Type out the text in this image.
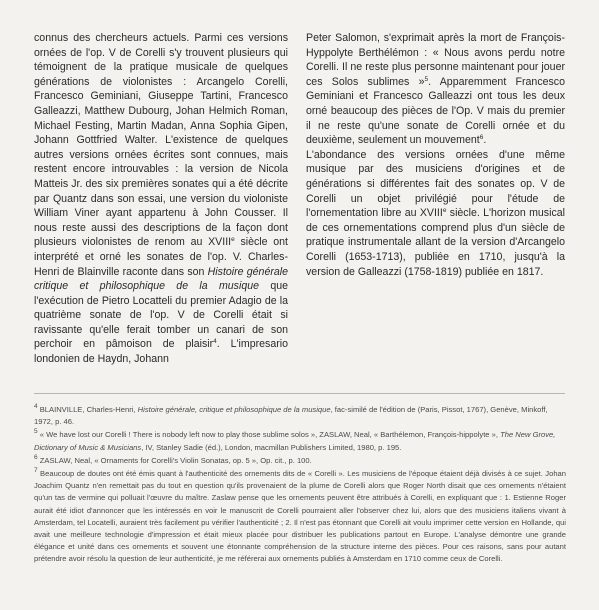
connus des chercheurs actuels. Parmi ces versions ornées de l'op. V de Corelli s'y trouvent plusieurs qui témoignent de la pratique musicale de quelques générations de violonistes : Arcangelo Corelli, Francesco Geminiani, Giuseppe Tartini, Francesco Galleazzi, Matthew Dubourg, Johan Helmich Roman, Michael Festing, Martin Madan, Anna Sophia Gipen, Johann Gottfried Walter. L'existence de quelques autres versions ornées écrites sont connues, mais restent encore introuvables : la version de Nicola Matteis Jr. des six premières sonates qui a été décrite par Quantz dans son essai, une version du violoniste William Viner ayant appartenu à John Cousser. Il nous reste aussi des descriptions de la façon dont plusieurs violonistes de renom au XVIIIe siècle ont interprété et orné les sonates de l'op. V. Charles-Henri de Blainville raconte dans son Histoire générale critique et philosophique de la musique que l'exécution de Pietro Locatteli du premier Adagio de la quatrième sonate de l'op. V de Corelli était si ravissante qu'elle ferait tomber un canari de son perchoir en pâmoison de plaisir$^4$. L'impresario londonien de Haydn, Johann

Peter Salomon, s'exprimait après la mort de François-Hyppolyte Berthélémon : « Nous avons perdu notre Corelli. Il ne reste plus personne maintenant pour jouer ces Solos sublimes »$^5$. Apparemment Francesco Geminiani et Francesco Galleazzi ont tous les deux orné beaucoup des pièces de l'Op. V mais du premier il ne reste qu'une sonate de Corelli ornée et du deuxième, seulement un mouvement$^6$.

L'abondance des versions ornées d'une même musique par des musiciens d'origines et de générations si différentes fait des sonates op. V de Corelli un objet privilégié pour l'étude de l'ornementation libre au XVIIIe siècle. L'horizon musical de ces ornementations comprend plus d'un siècle de pratique instrumentale allant de la version d'Arcangelo Corelli (1653-1713), publiée en 1710, jusqu'à la version de Galleazzi (1758-1819) publiée en 1817.

$^4$ BLAINVILLE, Charles-Henri, Histoire générale, critique et philosophique de la musique, fac-similé de l'édition de (Paris, Pissot, 1767), Genève, Minkoff, 1972, p. 46.

$^5$ « We have lost our Corelli ! There is nobody left now to play those sublime solos », ZASLAW, Neal, « Barthélemon, François-hippolyte », The New Grove, Dictionary of Music & Musicians, IV, Stanley Sadie (éd.), London, macmillan Publishers Limited, 1980, p. 195.

$^6$ ZASLAW, Neal, « Ornaments for Corelli's Violin Sonatas, op. 5 », Op. cit., p. 100.

$^7$ Beaucoup de doutes ont été émis quant à l'authenticité des ornements dits de « Corelli ». Les musiciens de l'époque étaient déjà divisés à ce sujet. Johan Joachim Quantz n'en remettait pas du tout en question qu'ils provenaient de la plume de Corelli alors que Roger North disait que ces ornements n'étaient qu'un tas de vermine qui polluait l'œuvre du maître. Zaslaw pense que les ornements peuvent être attribués à Corelli, en expliquant que : 1. Estienne Roger aurait été idiot d'annoncer que les intéressés en voir le manuscrit de Corelli pourraient aller l'observer chez lui, alors que des musiciens italiens vivant à Amsterdam, tel Locatelli, auraient très facilement pu vérifier l'authenticité ; 2. Il n'est pas étonnant que Corelli ait voulu imprimer cette version en Hollande, qui avait une meilleure technologie d'impression et était mieux placée pour distribuer les publications partout en Europe. L'analyse démontre une grande élégance et unité dans ces ornements et souvent une étonnante compréhension de la structure interne des pièces. Pour ces raisons, sans pour autant prétendre avoir résolu la question de leur authenticité, je me référerai aux ornements publiés à Amsterdam en 1710 comme ceux de Corelli.
